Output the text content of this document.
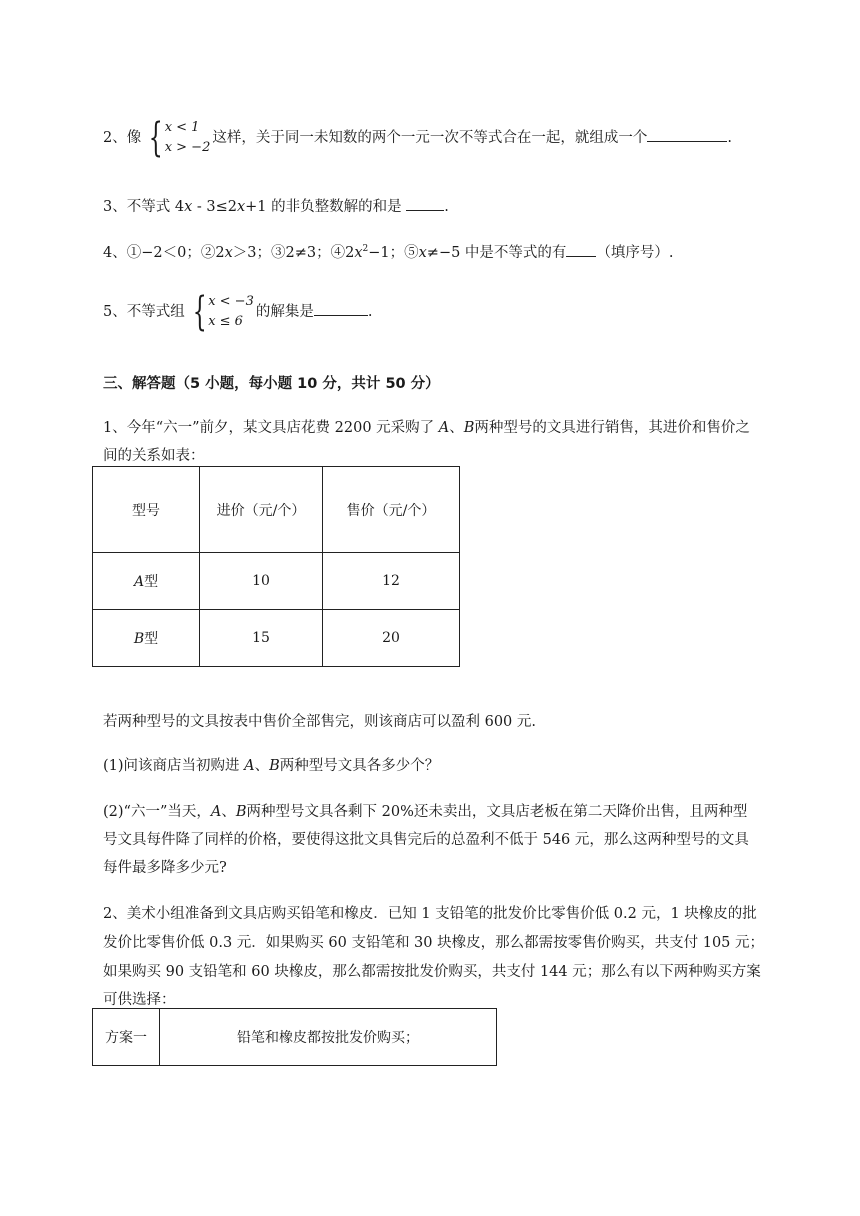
2、像 { x < 1
x > −2
这样，关于同一未知数的两个一元一次不等式合在一起，就组成一个	.
3、不等式 4x - 3≤2x+1 的非负整数解的和是	.
4、①−2＜0；②2x＞3；③2≠3；$④2x^2-1$；⑤x≠−5 中是不等式的有 （填序号）.
5、不等式组 { x < −3
x ≤ 6
的解集是	.
三、解答题（5 小题，每小题 10 分，共计 50 分）
1、今年“六一”前夕，某文具店花费 2200 元采购了 A、B两种型号的文具进行销售，其进价和售价之
间的关系如表：
型号	进价（元/个）	售价（元/个）
A型	10	12
B型	15	20
若两种型号的文具按表中售价全部售完，则该商店可以盈利 600 元.
(1)问该商店当初购进 A、B两种型号文具各多少个？
(2)“六一”当天，A、B两种型号文具各剩下 20%还未卖出，文具店老板在第二天降价出售，且两种型
号文具每件降了同样的价格，要使得这批文具售完后的总盈利不低于 546 元，那么这两种型号的文具
每件最多降多少元?
2、美术小组准备到文具店购买铅笔和橡皮．已知 1 支铅笔的批发价比零售价低 0.2 元，1 块橡皮的批
发价比零售价低 0.3 元．如果购买 60 支铅笔和 30 块橡皮，那么都需按零售价购买，共支付 105 元；
如果购买 90 支铅笔和 60 块橡皮，那么都需按批发价购买，共支付 144 元；那么有以下两种购买方案
可供选择：
方案一	铅笔和橡皮都按批发价购买；
